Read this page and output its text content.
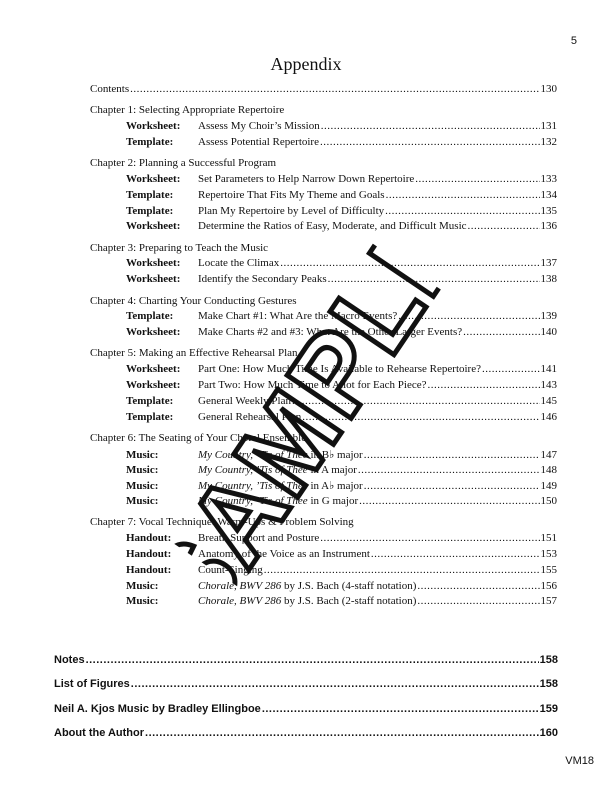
5
Appendix
Contents .....	130
Chapter 1: Selecting Appropriate Repertoire
Worksheet:	Assess My Choir’s Mission .....	131
Template:	Assess Potential Repertoire .....	132
Chapter 2: Planning a Successful Program
Worksheet:	Set Parameters to Help Narrow Down Repertoire .....	133
Template:	Repertoire That Fits My Theme and Goals .....	134
Template:	Plan My Repertoire by Level of Difficulty .....	135
Worksheet:	Determine the Ratios of Easy, Moderate, and Difficult Music .....	136
Chapter 3: Preparing to Teach the Music
Worksheet:	Locate the Climax .....	137
Worksheet:	Identify the Secondary Peaks .....	138
Chapter 4: Charting Your Conducting Gestures
Template:	Make Chart #1: What Are the Macro Events? .....	139
Worksheet:	Make Charts #2 and #3: What Are the Other Larger Events? .....	140
Chapter 5: Making an Effective Rehearsal Plan
Worksheet:	Part One: How Much Time Is Available to Rehearse Repertoire? .....	141
Worksheet:	Part Two: How Much Time to Allot for Each Piece? .....	143
Template:	General Weekly Plan .....	145
Template:	General Rehearsal Plan .....	146
Chapter 6: The Seating of Your Choral Ensemble
Music:	My Country, ’Tis of Thee in B♭ major .....	147
Music:	My Country, ’Tis of Thee in A major .....	148
Music:	My Country, ’Tis of Thee in A♭ major .....	149
Music:	My Country, ’Tis of Thee in G major .....	150
Chapter 7: Vocal Technique: Warm-Ups & Problem Solving
Handout:	Breath Support and Posture .....	151
Handout:	Anatomy of the Voice as an Instrument .....	153
Handout:	Count-Singing .....	155
Music:	Chorale, BWV 286 by J.S. Bach (4-staff notation) .....	156
Music:	Chorale, BWV 286 by J.S. Bach (2-staff notation) .....	157
Notes .....	158
List of Figures .....	158
Neil A. Kjos Music by Bradley Ellingboe .....	159
About the Author .....	160
SAMPLE
VM18
